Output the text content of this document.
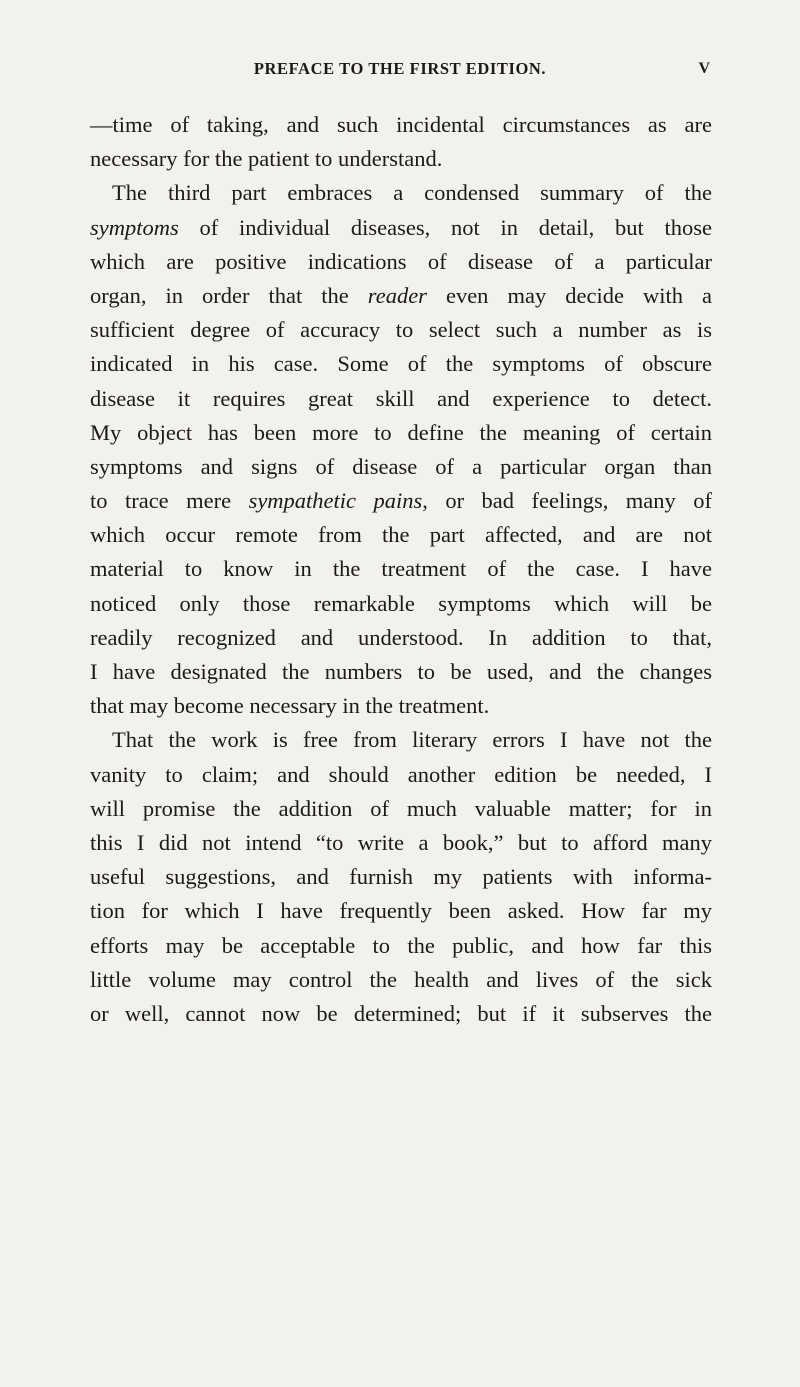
PREFACE TO THE FIRST EDITION.	V
—time of taking, and such incidental circumstances as are
necessary for the patient to understand.
The third part embraces a condensed summary of the
symptoms of individual diseases, not in detail, but those
which are positive indications of disease of a particular
organ, in order that the reader even may decide with a
sufficient degree of accuracy to select such a number as is
indicated in his case. Some of the symptoms of obscure
disease it requires great skill and experience to detect.
My object has been more to define the meaning of certain
symptoms and signs of disease of a particular organ than
to trace mere sympathetic pains, or bad feelings, many of
which occur remote from the part affected, and are not
material to know in the treatment of the case. I have
noticed only those remarkable symptoms which will be
readily recognized and understood. In addition to that,
I have designated the numbers to be used, and the changes
that may become necessary in the treatment.
That the work is free from literary errors I have not the
vanity to claim; and should another edition be needed, I
will promise the addition of much valuable matter; for in
this I did not intend “to write a book,” but to afford many
useful suggestions, and furnish my patients with informa-
tion for which I have frequently been asked. How far my
efforts may be acceptable to the public, and how far this
little volume may control the health and lives of the sick
or well, cannot now be determined; but if it subserves the
